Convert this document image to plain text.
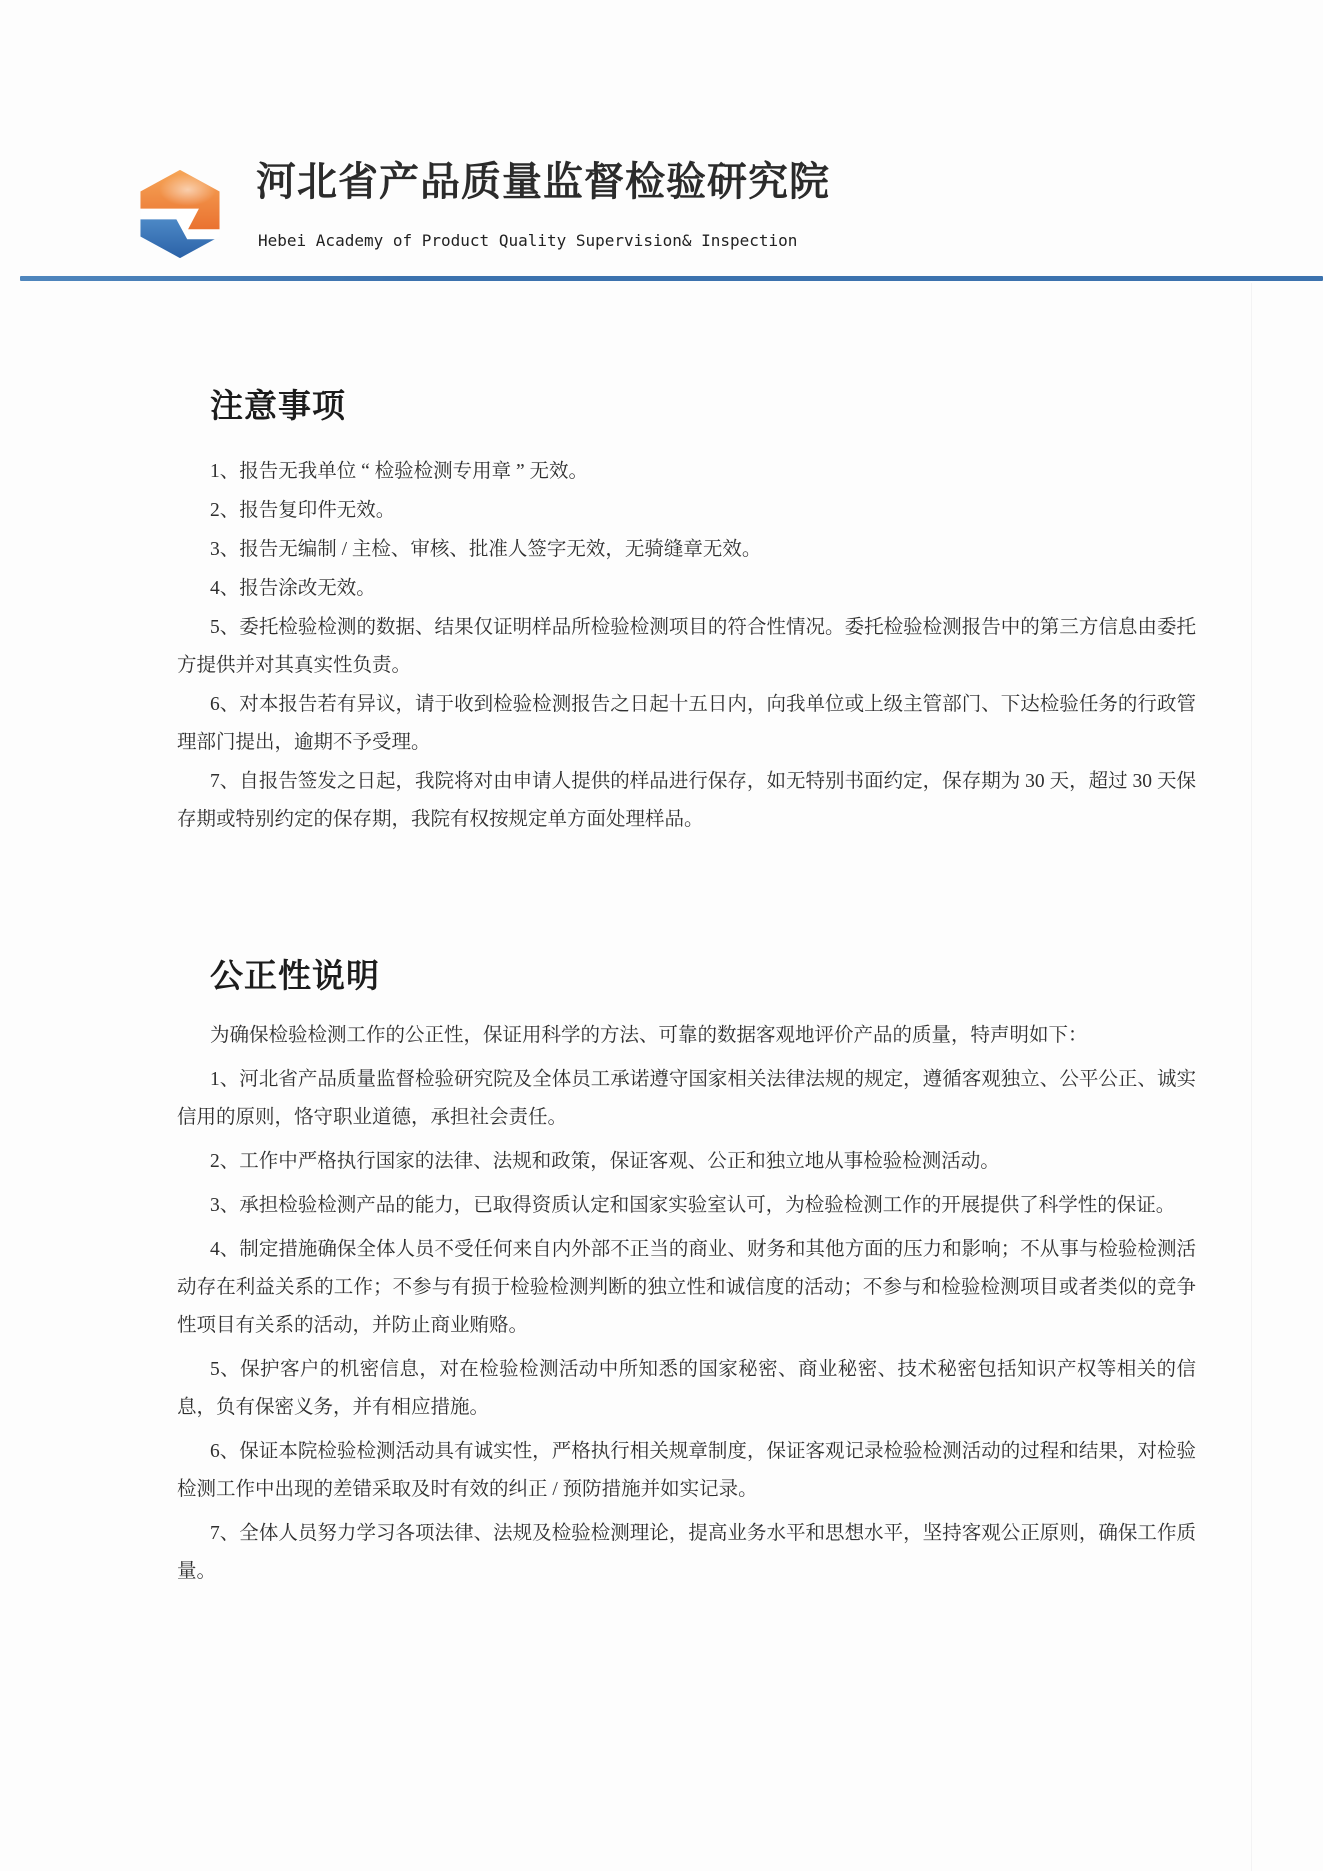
河北省产品质量监督检验研究院
Hebei Academy of Product Quality Supervision& Inspection
注意事项

1、报告无我单位 “ 检验检测专用章 ” 无效。

2、报告复印件无效。

3、报告无编制 / 主检、审核、批准人签字无效，无骑缝章无效。

4、报告涂改无效。

5、委托检验检测的数据、结果仅证明样品所检验检测项目的符合性情况。委托检验检测报告中的第三方信息由委托方提供并对其真实性负责。

6、对本报告若有异议，请于收到检验检测报告之日起十五日内，向我单位或上级主管部门、下达检验任务的行政管理部门提出，逾期不予受理。

7、自报告签发之日起，我院将对由申请人提供的样品进行保存，如无特别书面约定，保存期为 30 天，超过 30 天保存期或特别约定的保存期，我院有权按规定单方面处理样品。

公正性说明

为确保检验检测工作的公正性，保证用科学的方法、可靠的数据客观地评价产品的质量，特声明如下：

1、河北省产品质量监督检验研究院及全体员工承诺遵守国家相关法律法规的规定，遵循客观独立、公平公正、诚实信用的原则，恪守职业道德，承担社会责任。

2、工作中严格执行国家的法律、法规和政策，保证客观、公正和独立地从事检验检测活动。

3、承担检验检测产品的能力，已取得资质认定和国家实验室认可，为检验检测工作的开展提供了科学性的保证。

4、制定措施确保全体人员不受任何来自内外部不正当的商业、财务和其他方面的压力和影响；不从事与检验检测活动存在利益关系的工作；不参与有损于检验检测判断的独立性和诚信度的活动；不参与和检验检测项目或者类似的竞争性项目有关系的活动，并防止商业贿赂。

5、保护客户的机密信息，对在检验检测活动中所知悉的国家秘密、商业秘密、技术秘密包括知识产权等相关的信息，负有保密义务，并有相应措施。

6、保证本院检验检测活动具有诚实性，严格执行相关规章制度，保证客观记录检验检测活动的过程和结果，对检验检测工作中出现的差错采取及时有效的纠正 / 预防措施并如实记录。

7、全体人员努力学习各项法律、法规及检验检测理论，提高业务水平和思想水平，坚持客观公正原则，确保工作质量。
